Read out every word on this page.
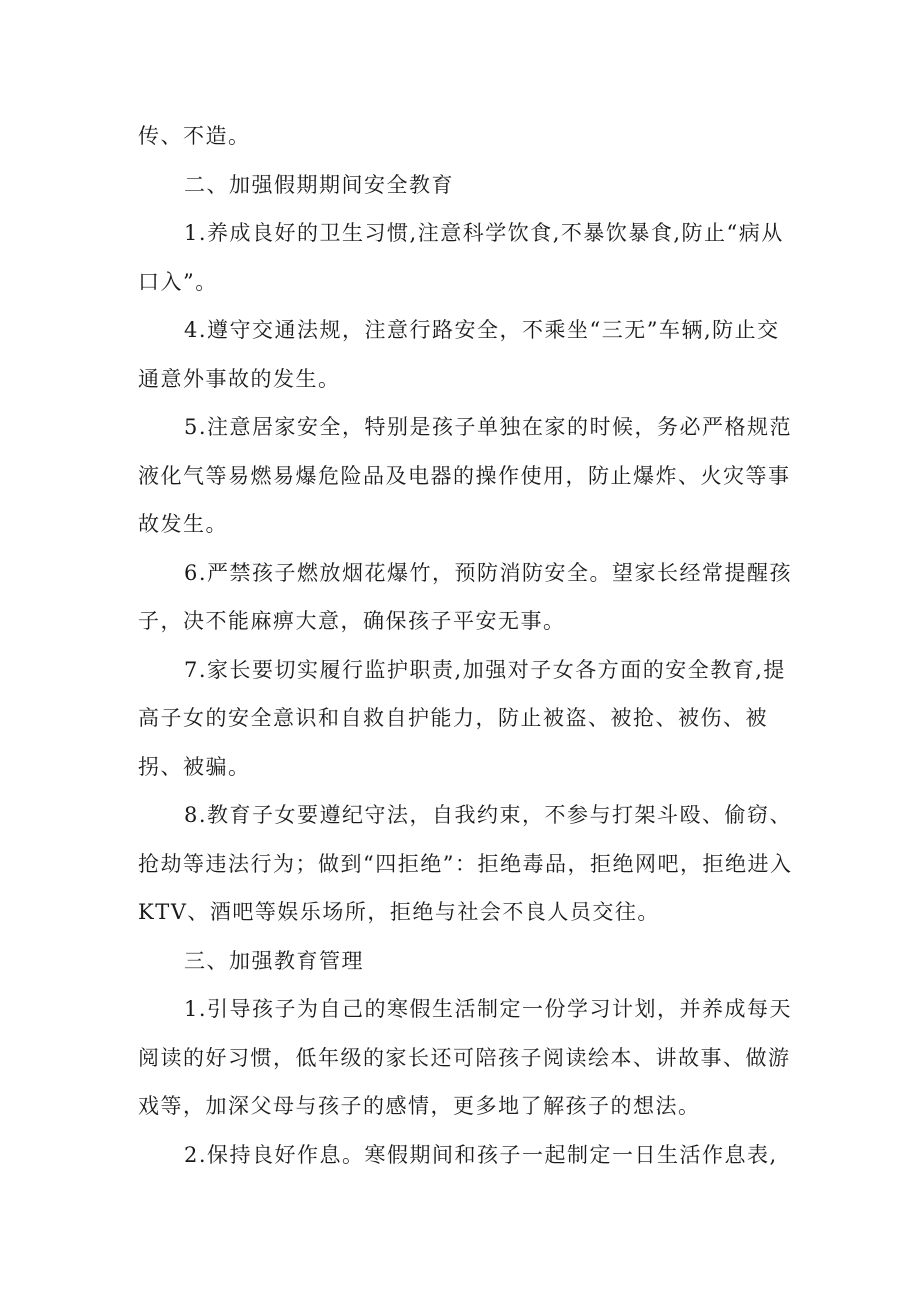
传、不造。

二、加强假期期间安全教育

1.养成良好的卫生习惯,注意科学饮食,不暴饮暴食,防止“病从口入”。

4.遵守交通法规，注意行路安全，不乘坐“三无”车辆,防止交通意外事故的发生。

5.注意居家安全，特别是孩子单独在家的时候，务必严格规范液化气等易燃易爆危险品及电器的操作使用，防止爆炸、火灾等事故发生。

6.严禁孩子燃放烟花爆竹，预防消防安全。望家长经常提醒孩子，决不能麻痹大意，确保孩子平安无事。

7.家长要切实履行监护职责,加强对子女各方面的安全教育,提高子女的安全意识和自救自护能力，防止被盗、被抢、被伤、被拐、被骗。

8.教育子女要遵纪守法，自我约束，不参与打架斗殴、偷窃、抢劫等违法行为；做到“四拒绝”：拒绝毒品，拒绝网吧，拒绝进入KTV、酒吧等娱乐场所，拒绝与社会不良人员交往。

三、加强教育管理

1.引导孩子为自己的寒假生活制定一份学习计划，并养成每天阅读的好习惯，低年级的家长还可陪孩子阅读绘本、讲故事、做游戏等，加深父母与孩子的感情，更多地了解孩子的想法。

2.保持良好作息。寒假期间和孩子一起制定一日生活作息表,
